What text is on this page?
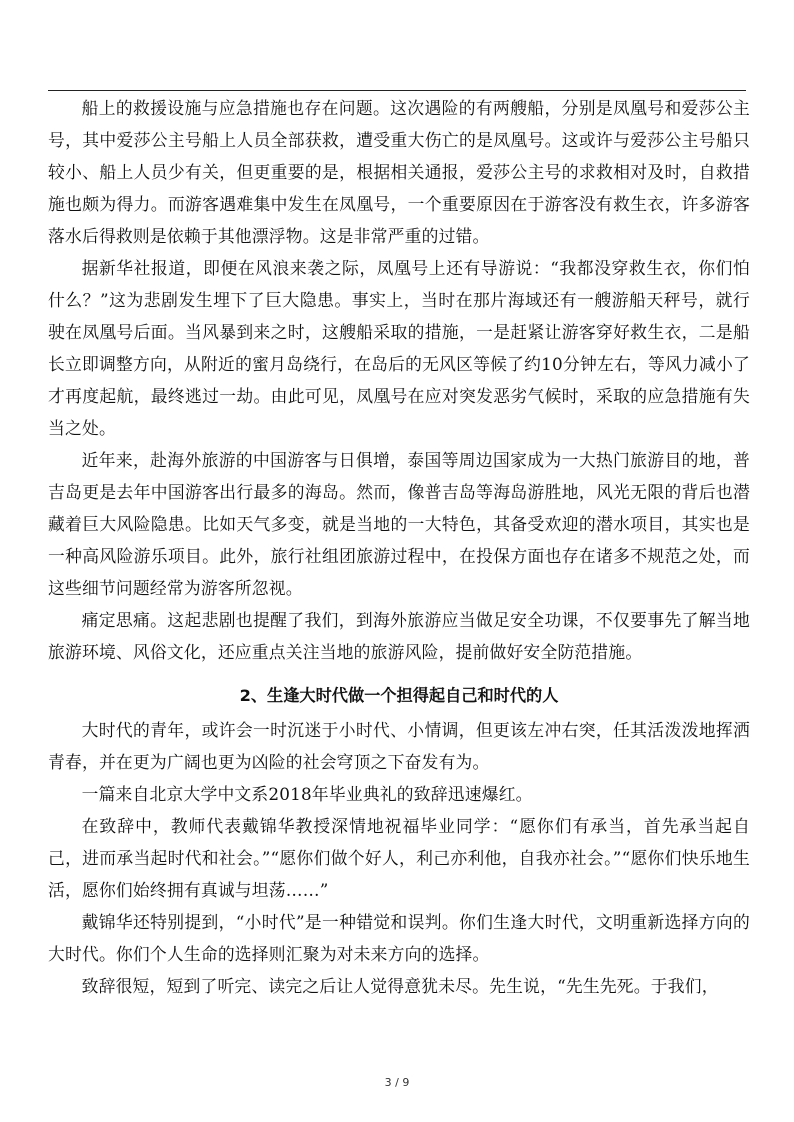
船上的救援设施与应急措施也存在问题。这次遇险的有两艘船，分别是凤凰号和爱莎公主号，其中爱莎公主号船上人员全部获救，遭受重大伤亡的是凤凰号。这或许与爱莎公主号船只较小、船上人员少有关，但更重要的是，根据相关通报，爱莎公主号的求救相对及时，自救措施也颇为得力。而游客遇难集中发生在凤凰号，一个重要原因在于游客没有救生衣，许多游客落水后得救则是依赖于其他漂浮物。这是非常严重的过错。

据新华社报道，即便在风浪来袭之际，凤凰号上还有导游说：“我都没穿救生衣，你们怕什么？”这为悲剧发生埋下了巨大隐患。事实上，当时在那片海域还有一艘游船天秤号，就行驶在凤凰号后面。当风暴到来之时，这艘船采取的措施，一是赶紧让游客穿好救生衣，二是船长立即调整方向，从附近的蜜月岛绕行，在岛后的无风区等候了约10分钟左右，等风力减小了才再度起航，最终逃过一劫。由此可见，凤凰号在应对突发恶劣气候时，采取的应急措施有失当之处。

近年来，赴海外旅游的中国游客与日俱增，泰国等周边国家成为一大热门旅游目的地，普吉岛更是去年中国游客出行最多的海岛。然而，像普吉岛等海岛游胜地，风光无限的背后也潜藏着巨大风险隐患。比如天气多变，就是当地的一大特色，其备受欢迎的潜水项目，其实也是一种高风险游乐项目。此外，旅行社组团旅游过程中，在投保方面也存在诸多不规范之处，而这些细节问题经常为游客所忽视。

痛定思痛。这起悲剧也提醒了我们，到海外旅游应当做足安全功课，不仅要事先了解当地旅游环境、风俗文化，还应重点关注当地的旅游风险，提前做好安全防范措施。

2、生逢大时代做一个担得起自己和时代的人

大时代的青年，或许会一时沉迷于小时代、小情调，但更该左冲右突，任其活泼泼地挥洒青春，并在更为广阔也更为凶险的社会穹顶之下奋发有为。

一篇来自北京大学中文系2018年毕业典礼的致辞迅速爆红。

在致辞中，教师代表戴锦华教授深情地祝福毕业同学：“愿你们有承当，首先承当起自己，进而承当起时代和社会。”“愿你们做个好人，利己亦利他，自我亦社会。”“愿你们快乐地生活，愿你们始终拥有真诚与坦荡……”

戴锦华还特别提到，“小时代”是一种错觉和误判。你们生逢大时代，文明重新选择方向的大时代。你们个人生命的选择则汇聚为对未来方向的选择。

致辞很短，短到了听完、读完之后让人觉得意犹未尽。先生说，“先生先死。于我们，

3 / 9
